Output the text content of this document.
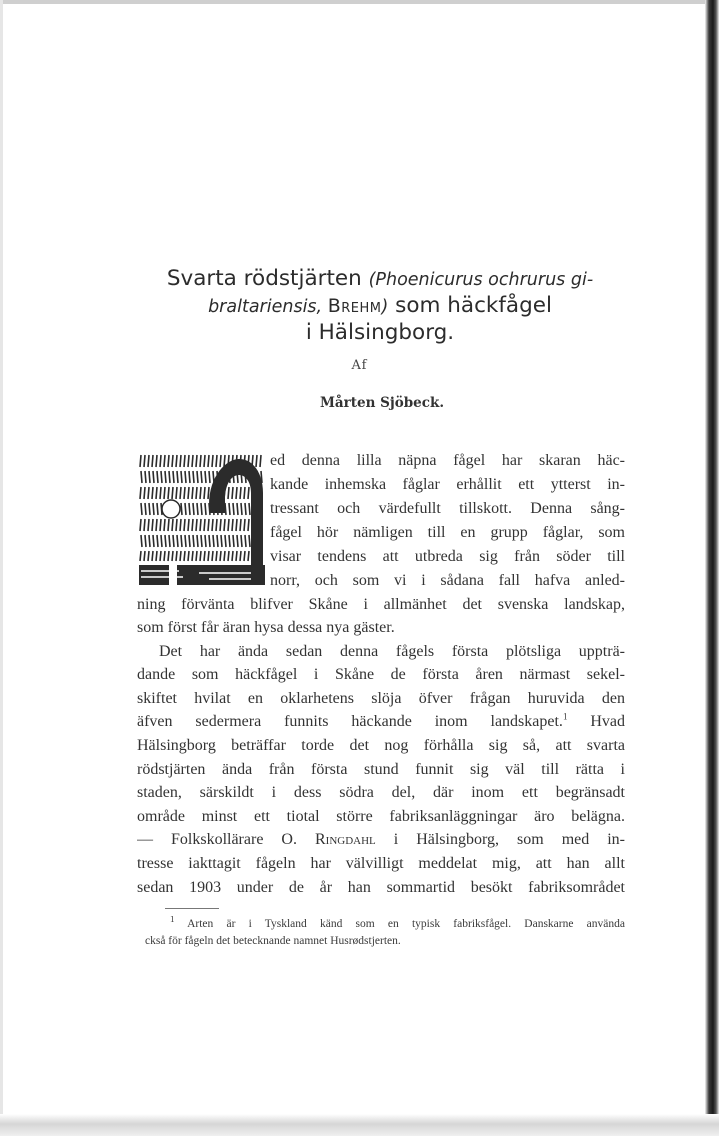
Svarta rödstjärten (Phoenicurus ochrurus gi-
braltariensis, Brehm) som häckfågel
i Hälsingborg.
Af
Mårten Sjöbeck.
ed denna lilla näpna fågel har skaran häc-
kande inhemska fåglar erhållit ett ytterst in-
tressant och värdefullt tillskott. Denna sång-
fågel hör nämligen till en grupp fåglar, som
visar tendens att utbreda sig från söder till
norr, och som vi i sådana fall hafva anled-
ning förvänta blifver Skåne i allmänhet det svenska landskap,
som först får äran hysa dessa nya gäster.
Det har ända sedan denna fågels första plötsliga uppträ-
dande som häckfågel i Skåne de första åren närmast sekel-
skiftet hvilat en oklarhetens slöja öfver frågan huruvida den
äfven sedermera funnits häckande inom landskapet.$^1$ Hvad
Hälsingborg beträffar torde det nog förhålla sig så, att svarta
rödstjärten ända från första stund funnit sig väl till rätta i
staden, särskildt i dess södra del, där inom ett begränsadt
område minst ett tiotal större fabriksanläggningar äro belägna.
— Folkskollärare O. Ringdahl i Hälsingborg, som med in-
tresse iakttagit fågeln har välvilligt meddelat mig, att han allt
sedan 1903 under de år han sommartid besökt fabriksområdet
$^1$ Arten är i Tyskland känd som en typisk fabriksfågel. Danskarne använda
ckså för fågeln det betecknande namnet Husrødstjerten.
